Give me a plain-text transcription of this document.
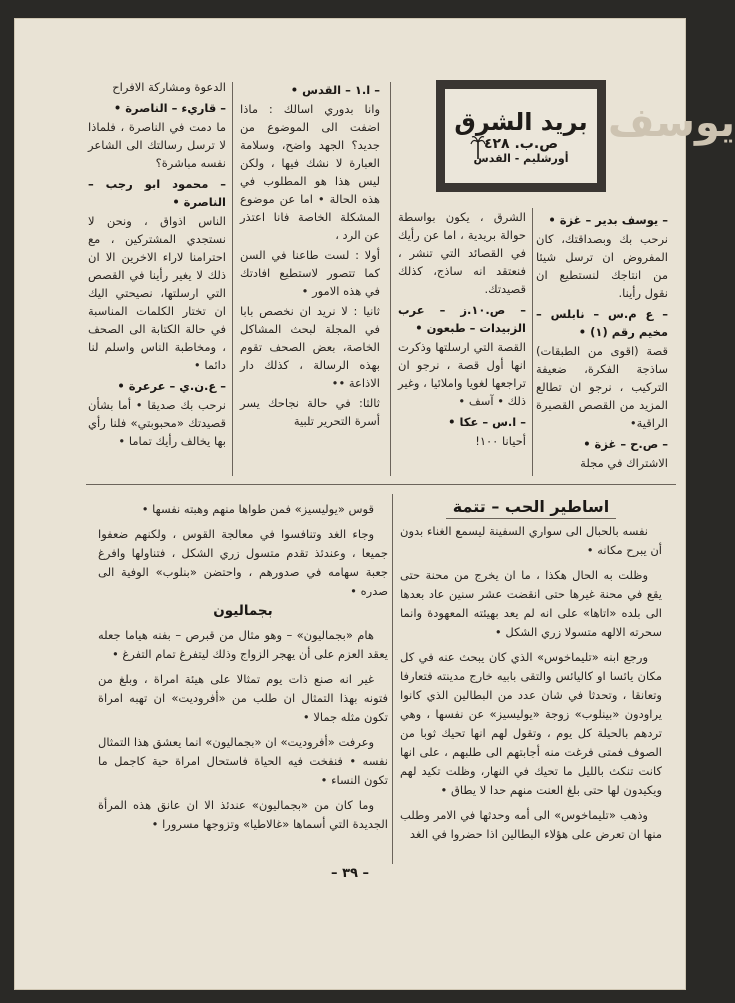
يوسف
بريد الشرق
ص.ب. ٤٢٨
أورشليم - القدس

– يوسف بدير – غزة •

نرحب بك وبصداقتك، كان المفروض ان ترسل شيئا من انتاجك لنستطيع ان نقول رأينا.

– ع م.س – نابلس – مخيم رقم (١) •

قصة (اقوى من الطبقات) ساذجة الفكرة، ضعيفة التركيب ، نرجو ان تطالع المزيد من القصص القصيرة الراقية•

– ص.ح – غزة •

الاشتراك في مجلة

الشرق ، يكون بواسطة حوالة بريدية ، اما عن رأيك في القصائد التي تنشر ، فنعتقد انه ساذج، كذلك قصيدتك.

– ص.١٠.ز – عرب الزبيدات – طبعون •

القصة التي ارسلتها وذكرت انها أول قصة ، نرجو ان تراجعها لغويا واملائيا ، وغير ذلك • آسف •

– ا.س – عكا •

أحيانا ١٠٠!

– ا.١ – القدس •

وانا بدوري اسالك : ماذا اضفت الى الموضوع من جديد؟ الجهد واضح، وسلامة العبارة لا نشك فيها ، ولكن ليس هذا هو المطلوب في هذه الحالة • اما عن موضوع المشكلة الخاصة فانا اعتذر عن الرد ،

أولا : لست طاعنا في السن كما تتصور لاستطيع افادتك في هذه الامور •

ثانيا : لا نريد ان نخصص بابا في المجلة لبحث المشاكل الخاصة، بعض الصحف تقوم بهذه الرسالة ، كذلك دار الاذاعة ••

ثالثا: في حالة نجاحك يسر أسرة التحرير تلبية

الدعوة ومشاركة الافراح

– قاريء – الناصرة •

ما دمت في الناصرة ، فلماذا لا ترسل رسالتك الى الشاعر نفسه مباشرة؟

– محمود ابو رجب – الناصرة •

الناس اذواق ، ونحن لا نستجدي المشتركين ، مع احترامنا لاراء الاخرين الا ان ذلك لا يغير رأينا في القصص التي ارسلتها، نصيحتي اليك ان تختار الكلمات المناسبة في حالة الكتابة الى الصحف ، ومخاطبة الناس واسلم لنا دائما •

– ع.ن.ي – عرعرة •

نرحب بك صديقا • أما بشأن قصيدتك «محبوبتي» فلنا رأي بها يخالف رأيك تماما •

اساطير الحب – تتمة

نفسه بالحبال الى سواري السفينة ليسمع الغناء بدون أن يبرح مكانه •

وظلت به الحال هكذا ، ما ان يخرج من محنة حتى يقع في محنة غيرها حتى انقضت عشر سنين عاد بعدها الى بلده «اتاها» على انه لم يعد بهيئته المعهودة وانما سحرته الالهه متسولا زري الشكل •

ورجع ابنه «تليماخوس» الذي كان يبحث عنه في كل مكان يائسا او كاليائس والتقى بابيه خارج مدينته فتعارفا وتعانقا ، وتحدثا في شان عدد من البطالين الذي كانوا يراودون «بينلوب» زوجة «يوليسيز» عن نفسها ، وهي تردهم بالحيلة كل يوم ، وتقول لهم انها تحيك ثوبا من الصوف فمتى فرغت منه أجابتهم الى طلبهم ، على انها كانت تنكث بالليل ما تحيك في النهار، وظلت تكيد لهم ويكيدون لها حتى بلغ العنت منهم حدا لا يطاق •

وذهب «تليماخوس» الى أمه وحدثها في الامر وطلب منها ان تعرض على هؤلاء البطالين اذا حضروا في الغد

قوس «يوليسيز» فمن طواها منهم وهبته نفسها •

وجاء الغد وتنافسوا في معالجة القوس ، ولكنهم ضعفوا جميعا ، وعندئذ تقدم متسول زري الشكل ، فتناولها وافرغ جعبة سهامه في صدورهم ، واحتضن «بنلوب» الوفية الى صدره •

بجماليون

هام «بجماليون» – وهو مثال من قبرص – بفنه هياما جعله يعقد العزم على أن يهجر الزواج وذلك ليتفرغ تمام التفرغ •

غير انه صنع ذات يوم تمثالا على هيئة امراة ، وبلغ من فتونه بهذا التمثال ان طلب من «أفروديت» ان تهبه امراة تكون مثله جمالا •

وعرفت «أفروديت» ان «بجماليون» انما يعشق هذا التمثال نفسه • فنفخت فيه الحياة فاستحال امراة حية كاجمل ما تكون النساء •

وما كان من «بجماليون» عندئذ الا ان عانق هذه المرأة الجديدة التي أسماها «غالاطيا» وتزوجها مسرورا •

– ٣٩ –
